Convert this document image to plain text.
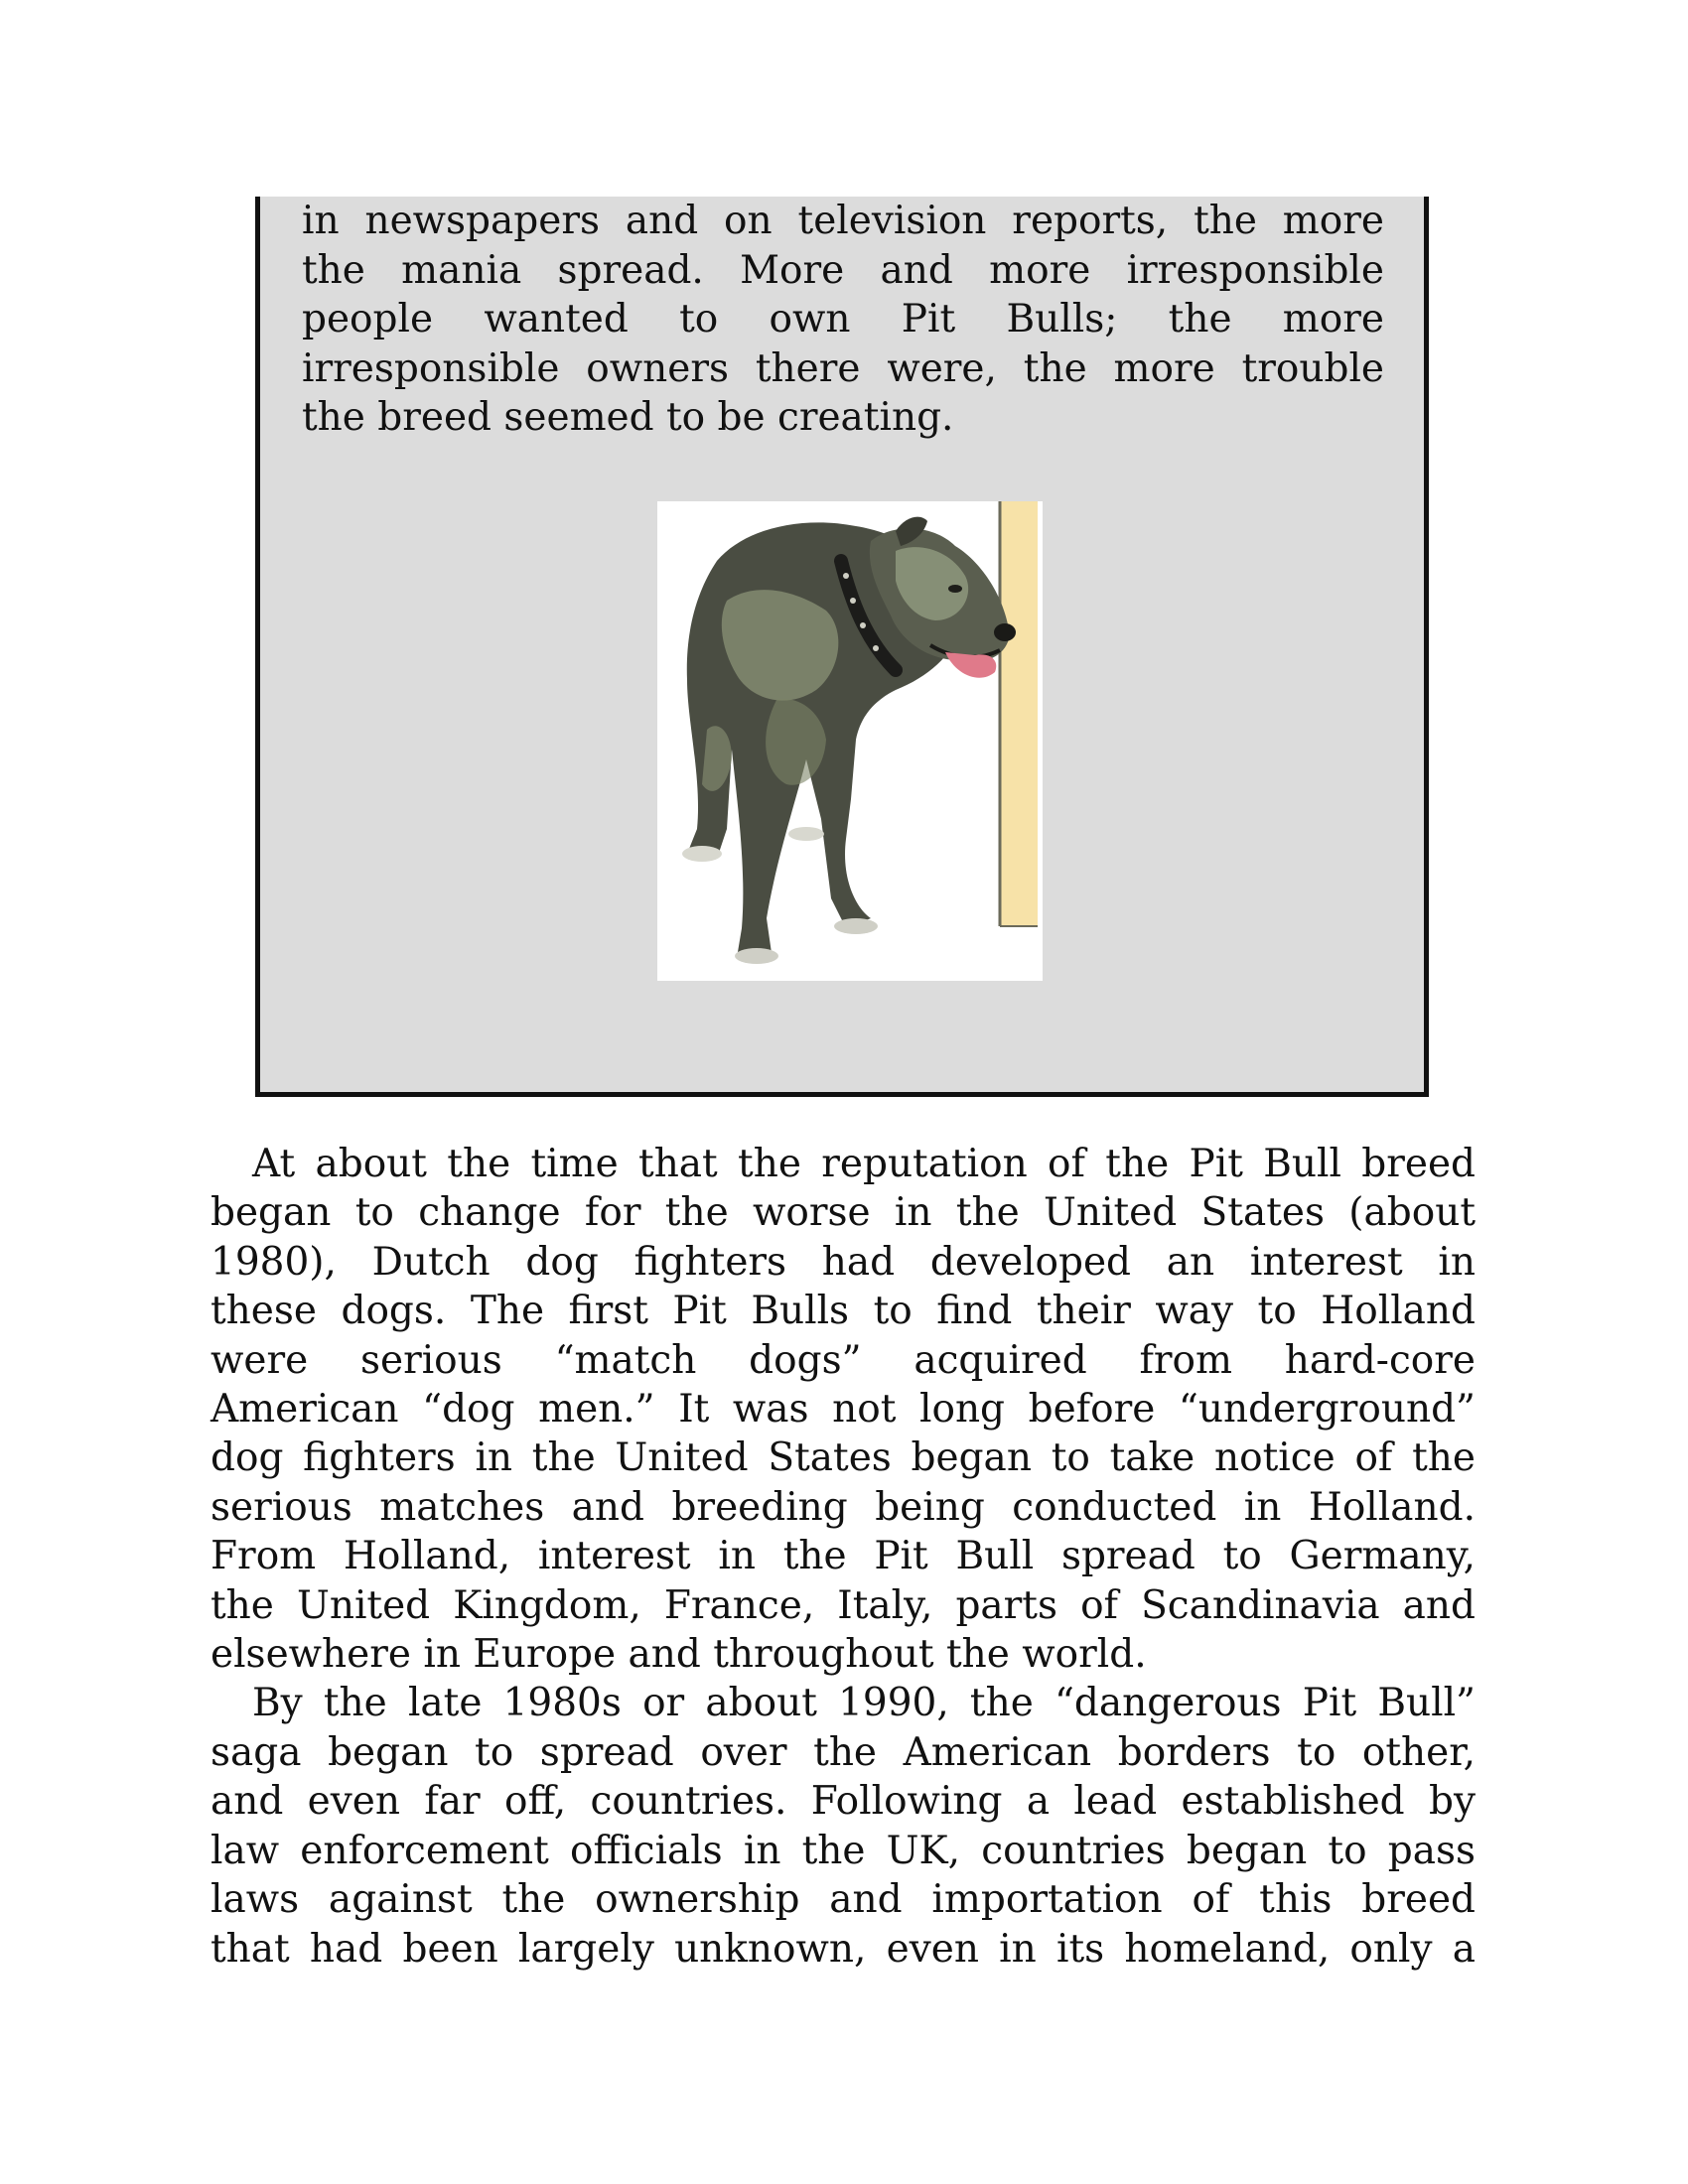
in newspapers and on television reports, the more
the mania spread. More and more irresponsible
people wanted to own Pit Bulls; the more
irresponsible owners there were, the more trouble
the breed seemed to be creating.
At about the time that the reputation of the Pit Bull breed
began to change for the worse in the United States (about
1980), Dutch dog fighters had developed an interest in
these dogs. The first Pit Bulls to find their way to Holland
were serious “match dogs” acquired from hard-core
American “dog men.” It was not long before “underground”
dog fighters in the United States began to take notice of the
serious matches and breeding being conducted in Holland.
From Holland, interest in the Pit Bull spread to Germany,
the United Kingdom, France, Italy, parts of Scandinavia and
elsewhere in Europe and throughout the world.
By the late 1980s or about 1990, the “dangerous Pit Bull”
saga began to spread over the American borders to other,
and even far off, countries. Following a lead established by
law enforcement officials in the UK, countries began to pass
laws against the ownership and importation of this breed
that had been largely unknown, even in its homeland, only a
